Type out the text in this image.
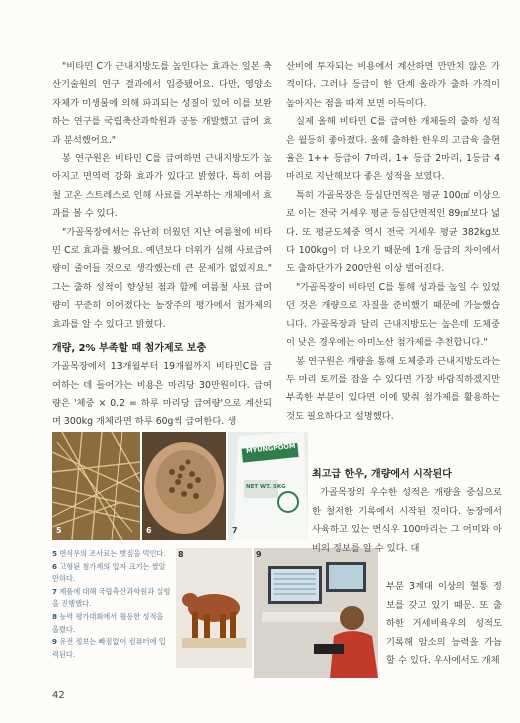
"비타민 C가 근내지방도를 높인다는 효과는 일본 축산기술원의 연구 결과에서 입증됐어요. 다만, 영양소 자체가 미생물에 의해 파괴되는 성질이 있어 이를 보완하는 연구를 국립축산과학원과 공동 개발했고 급여 효과 분석했어요."

봉 연구원은 비타민 C를 급여하면 근내지방도가 높아지고 면역력 강화 효과가 있다고 밝혔다. 특히 여름철 고온 스트레스로 인해 사료를 거부하는 개체에서 효과를 볼 수 있다.

"가골목장에서는 유난히 더웠던 지난 여름철에 비타민 C로 효과를 봤어요. 예년보다 더위가 심해 사료급여량이 줄어들 것으로 생각했는데 큰 문제가 없었지요." 그는 출하 성적이 향상된 점과 함께 여름철 사료 급여량이 꾸준히 이어졌다는 농장주의 평가에서 첨가제의 효과를 알 수 있다고 밝혔다.

개량, 2% 부족할 때 첨가제로 보충

가골목장에서 13개월부터 19개월까지 비타민C를 급여하는 데 들어가는 비용은 마리당 30만원이다. 급여량은 '체중 × 0.2 = 하루 마리당 급여량'으로 계산되며 300kg 개체라면 하루 60g씩 급여한다. 생

산비에 투자되는 비용에서 계산하면 만만치 않은 가격이다. 그러나 등급이 한 단계 올라가 출하 가격이 높아지는 점을 따져 보면 이득이다.

실제 올해 비타민 C를 급여한 개체들의 출하 성적은 월등히 좋아졌다. 올해 출하한 한우의 고급육 출현율은 1++ 등급이 7마리, 1+ 등급 2마리, 1등급 4마리로 지난해보다 좋은 성적을 보였다.

특히 가골목장은 등심단면적은 평균 100㎠ 이상으로 이는 전국 거세우 평균 등심단면적인 89㎠보다 넓다. 또 평균도체중 역시 전국 거세우 평균 382kg보다 100kg이 더 나오기 때문에 1개 등급의 차이에서도 출하단가가 200만원 이상 벌어진다.

"가골목장이 비타민 C를 통해 성과를 높일 수 있었던 것은 개량으로 자질을 준비했기 때문에 가능했습니다. 가골목장과 달리 근내지방도는 높은데 도체중이 낮은 경우에는 아미노산 첨가제를 추천합니다."

봉 연구원은 개량을 통해 도체중과 근내지방도라는 두 마리 토끼를 잡을 수 있다면 가장 바람직하겠지만 부족한 부분이 있다면 이에 맞춰 첨가제를 활용하는 것도 필요하다고 설명했다.

5	6
MYUNGPOOM C
NET WT. 5KG
7
8	9
5 번식우의 조사료는 볏짚을 먹인다.
6 고형된 첨가제의 입자 크기는 쌀알 만하다.
7 제품에 대해 국립축산과학원과 실험을 진행했다.
8 능력 평가대회에서 월등한 성적을 올렸다.
9 유전 정보는 빠짐없이 컴퓨터에 입력된다.
최고급 한우, 개량에서 시작된다

가골목장의 우수한 성적은 개량을 중심으로 한 철저한 기록에서 시작된 것이다. 농장에서 사육하고 있는 번식우 100마리는 그 어미와 아비의 정보를 알 수 있다. 대

부분 3계대 이상의 혈통 정보를 갖고 있기 때문. 또 출하한 거세비육우의 성적도 기록해 암소의 능력을 가늠할 수 있다. 우사에서도 개체

42
